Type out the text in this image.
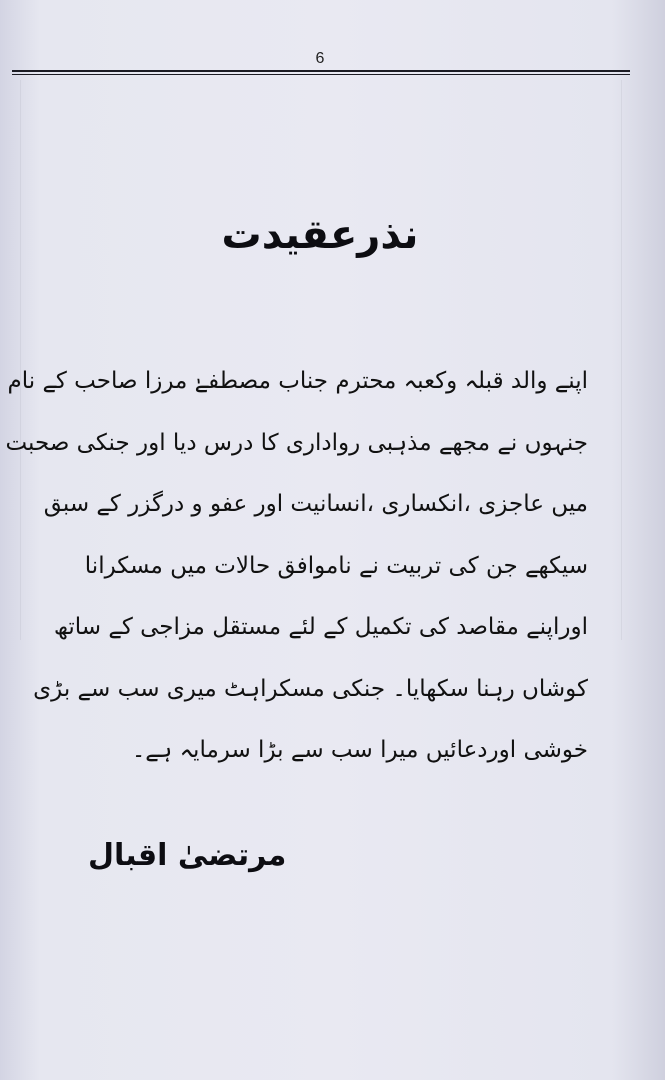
6
نذرعقیدت
اپنے والد قبلہ وکعبہ محترم جناب مصطفےٰ مرزا صاحب کے نام
جنہوں نے مجھے مذہبی رواداری کا درس دیا اور جنکی صحبت
میں عاجزی ،انکساری ،انسانیت اور عفو و درگزر کے سبق
سیکھے جن کی تربیت نے ناموافق حالات میں مسکرانا
اوراپنے مقاصد کی تکمیل کے لئے مستقل مزاجی کے ساتھ
کوشاں رہنا سکھایا۔ جنکی مسکراہٹ میری سب سے بڑی
خوشی اوردعائیں میرا سب سے بڑا سرمایہ ہے۔
مرتضیٰ اقبال
